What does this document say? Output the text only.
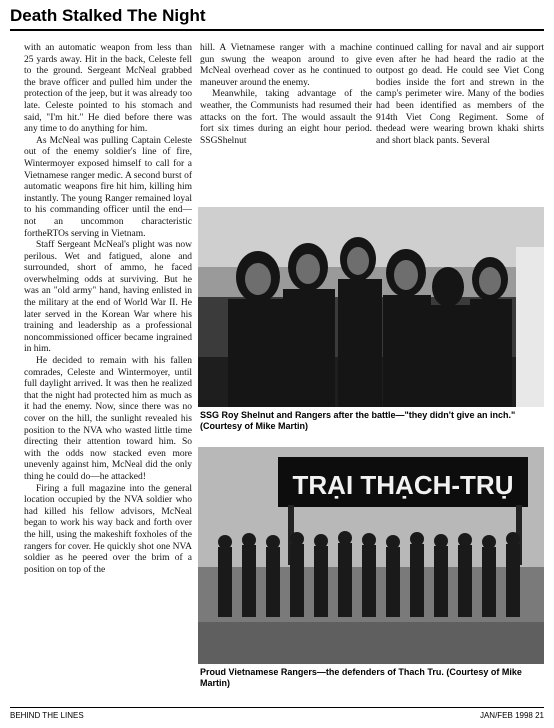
Death Stalked The Night

with an automatic weapon from less than 25 yards away. Hit in the back, Celeste fell to the ground. Sergeant McNeal grabbed the brave officer and pulled him under the protection of the jeep, but it was already too late. Celeste pointed to his stomach and said, "I'm hit." He died before there was any time to do anything for him.

As McNeal was pulling Captain Celeste out of the enemy soldier's line of fire, Wintermoyer exposed himself to call for a Vietnamese ranger medic. A second burst of automatic weapons fire hit him, killing him instantly. The young Ranger remained loyal to his commanding officer until the end—not an uncommon characteristic fortheRTOs serving in Vietnam.

Staff Sergeant McNeal's plight was now perilous. Wet and fatigued, alone and surrounded, short of ammo, he faced overwhelming odds at surviving. But he was an "old army" hand, having enlisted in the military at the end of World War II. He later served in the Korean War where his training and leadership as a professional noncommissioned officer became ingrained in him.

He decided to remain with his fallen comrades, Celeste and Wintermoyer, until full daylight arrived. It was then he realized that the night had protected him as much as it had the enemy. Now, since there was no cover on the hill, the sunlight revealed his position to the NVA who wasted little time directing their attention toward him. So with the odds now stacked even more unevenly against him, McNeal did the only thing he could do—he attacked!

Firing a full magazine into the general location occupied by the NVA soldier who had killed his fellow advisors, McNeal began to work his way back and forth over the hill, using the makeshift foxholes of the rangers for cover. He quickly shot one NVA soldier as he peered over the brim of a position on top of the

hill. A Vietnamese ranger with a machine gun swung the weapon around to give McNeal overhead cover as he continued to maneuver around the enemy.

Meanwhile, taking advantage of the weather, the Communists had resumed their attacks on the fort. The would assault the fort six times during an eight hour period. SSGShelnut

continued calling for naval and air support even after he had heard the radio at the outpost go dead. He could see Viet Cong bodies inside the fort and strewn in the camp's perimeter wire. Many of the bodies had been identified as members of the 914th Viet Cong Regiment. Some of thedead were wearing brown khaki shirts and short black pants. Several

SSG Roy Shelnut and Rangers after the battle—"they didn't give an inch." (Courtesy of Mike Martin)
TRẠI THẠCH-TRỤ
Proud Vietnamese Rangers—the defenders of Thach Tru. (Courtesy of Mike Martin)
BEHIND THE LINES	JAN/FEB 1998 21
